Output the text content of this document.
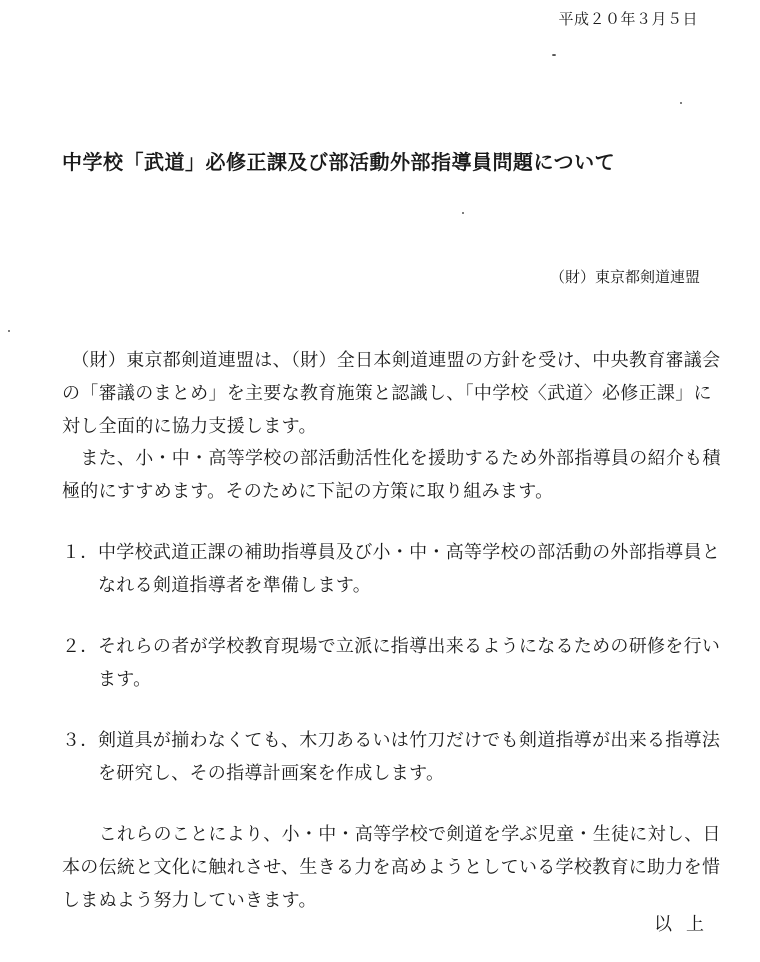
平成２０年３月５日
中学校「武道」必修正課及び部活動外部指導員問題について
（財）東京都剣道連盟
　（財）東京都剣道連盟は、（財）全日本剣道連盟の方針を受け、中央教育審議会の「審議のまとめ」を主要な教育施策と認識し、「中学校〈武道〉必修正課」に対し全面的に協力支援します。
　また、小・中・高等学校の部活動活性化を援助するため外部指導員の紹介も積極的にすすめます。そのために下記の方策に取り組みます。
１． 中学校武道正課の補助指導員及び小・中・高等学校の部活動の外部指導員となれる剣道指導者を準備します。
２． それらの者が学校教育現場で立派に指導出来るようになるための研修を行います。
３． 剣道具が揃わなくても、木刀あるいは竹刀だけでも剣道指導が出来る指導法を研究し、その指導計画案を作成します。
　　これらのことにより、小・中・高等学校で剣道を学ぶ児童・生徒に対し、日本の伝統と文化に触れさせ、生きる力を高めようとしている学校教育に助力を惜しまぬよう努力していきます。
以上
